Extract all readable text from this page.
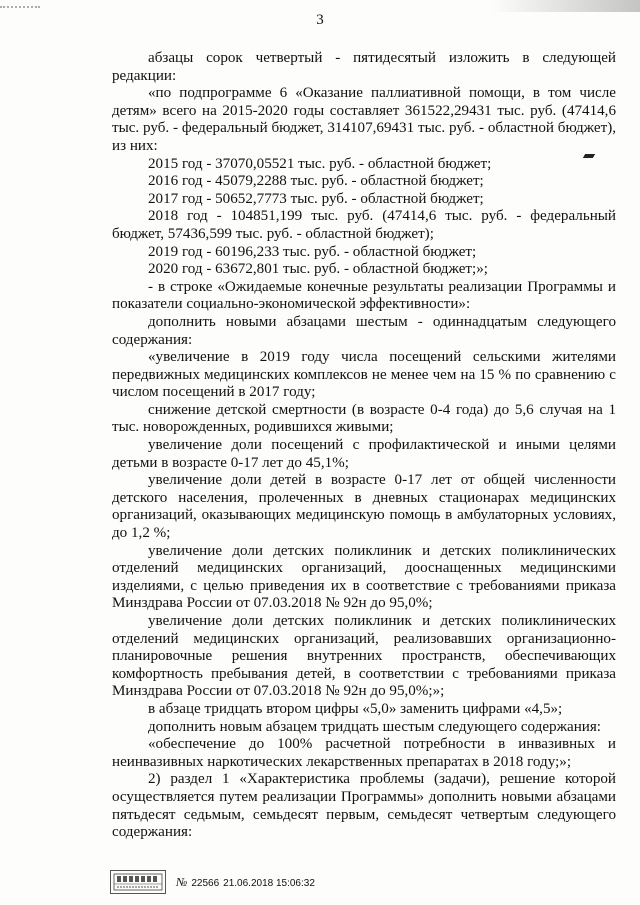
3

абзацы сорок четвертый - пятидесятый изложить в следующей редакции:

«по подпрограмме 6 «Оказание паллиативной помощи, в том числе детям» всего на 2015-2020 годы составляет 361522,29431 тыс. руб. (47414,6 тыс. руб. - федеральный бюджет, 314107,69431 тыс. руб. - областной бюджет), из них:

2015 год - 37070,05521 тыс. руб. - областной бюджет;

2016 год - 45079,2288 тыс. руб. - областной бюджет;

2017 год - 50652,7773 тыс. руб. - областной бюджет;

2018 год - 104851,199 тыс. руб. (47414,6 тыс. руб. - федеральный бюджет, 57436,599 тыс. руб. - областной бюджет);

2019 год - 60196,233 тыс. руб. - областной бюджет;

2020 год - 63672,801 тыс. руб. - областной бюджет;»;

- в строке «Ожидаемые конечные результаты реализации Программы и показатели социально-экономической эффективности»:

дополнить новыми абзацами шестым - одиннадцатым следующего содержания:

«увеличение в 2019 году числа посещений сельскими жителями передвижных медицинских комплексов не менее чем на 15 % по сравнению с числом посещений в 2017 году;

снижение детской смертности (в возрасте 0-4 года) до 5,6 случая на 1 тыс. новорожденных, родившихся живыми;

увеличение доли посещений с профилактической и иными целями детьми в возрасте 0-17 лет до 45,1%;

увеличение доли детей в возрасте 0-17 лет от общей численности детского населения, пролеченных в дневных стационарах медицинских организаций, оказывающих медицинскую помощь в амбулаторных условиях, до 1,2 %;

увеличение доли детских поликлиник и детских поликлинических отделений медицинских организаций, дооснащенных медицинскими изделиями, с целью приведения их в соответствие с требованиями приказа Минздрава России от 07.03.2018 № 92н до 95,0%;

увеличение доли детских поликлиник и детских поликлинических отделений медицинских организаций, реализовавших организационно-планировочные решения внутренних пространств, обеспечивающих комфортность пребывания детей, в соответствии с требованиями приказа Минздрава России от 07.03.2018 № 92н до 95,0%;»;

в абзаце тридцать втором цифры «5,0» заменить цифрами «4,5»;

дополнить новым абзацем тридцать шестым следующего содержания:

«обеспечение до 100% расчетной потребности в инвазивных и неинвазивных наркотических лекарственных препаратах в 2018 году;»;

2) раздел 1 «Характеристика проблемы (задачи), решение которой осуществляется путем реализации Программы» дополнить новыми абзацами пятьдесят седьмым, семьдесят первым, семьдесят четвертым следующего содержания:

№ 22566 21.06.2018 15:06:32
